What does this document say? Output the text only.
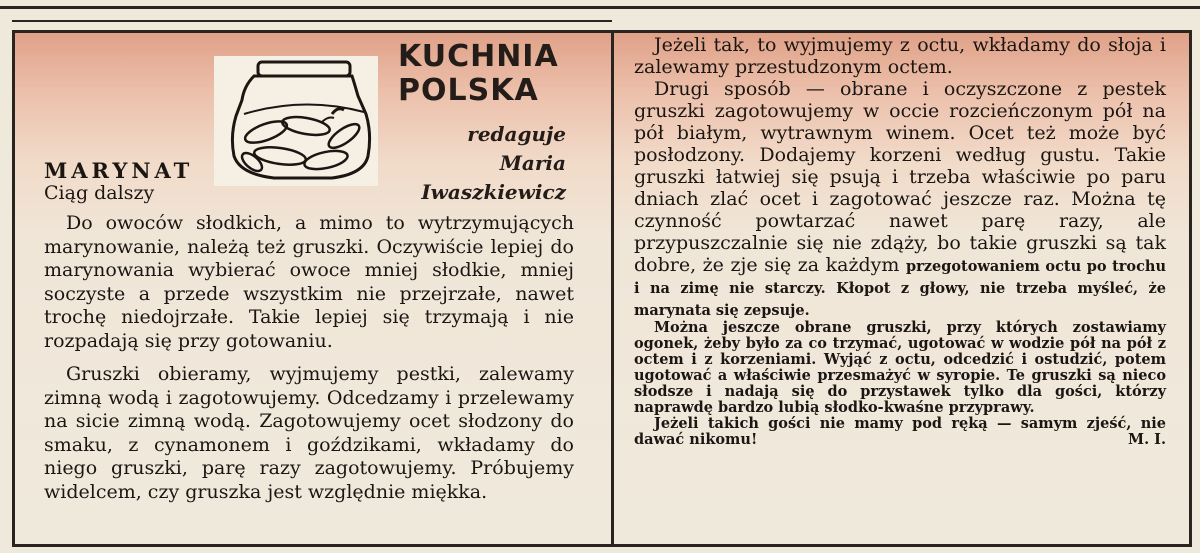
KUCHNIA
POLSKA
redaguje
Maria
Iwaszkiewicz
MARYNAT
Ciąg dalszy

Do owoców słodkich, a mimo to wytrzymujących marynowanie, należą też gruszki. Oczywiście lepiej do marynowania wybierać owoce mniej słodkie, mniej soczyste a przede wszystkim nie przejrzałe, nawet trochę niedojrzałe. Takie lepiej się trzymają i nie rozpadają się przy gotowaniu.

Gruszki obieramy, wyjmujemy pestki, zalewamy zimną wodą i zagotowujemy. Odcedzamy i przelewamy na sicie zimną wodą. Zagotowujemy ocet słodzony do smaku, z cynamonem i goździkami, wkładamy do niego gruszki, parę razy zagotowujemy. Próbujemy widelcem, czy gruszka jest względnie miękka.

Jeżeli tak, to wyjmujemy z octu, wkładamy do słoja i zalewamy przestudzonym octem.

Drugi sposób — obrane i oczyszczone z pestek gruszki zagotowujemy w occie rozcieńczonym pół na pół białym, wytrawnym winem. Ocet też może być posłodzony. Dodajemy korzeni według gustu. Takie gruszki łatwiej się psują i trzeba właściwie po paru dniach zlać ocet i zagotować jeszcze raz. Można tę czynność powtarzać nawet parę razy, ale przypuszczalnie się nie zdąży, bo takie gruszki są tak dobre, że zje się za każdym przegotowaniem octu po trochu i na zimę nie starczy. Kłopot z głowy, nie trzeba myśleć, że marynata się zepsuje.

Można jeszcze obrane gruszki, przy których zostawiamy ogonek, żeby było za co trzymać, ugotować w wodzie pół na pół z octem i z korzeniami. Wyjąć z octu, odcedzić i ostudzić, potem ugotować a właściwie przesmażyć w syropie. Te gruszki są nieco słodsze i nadają się do przystawek tylko dla gości, którzy naprawdę bardzo lubią słodko-kwaśne przyprawy.

Jeżeli takich gości nie mamy pod ręką — samym zjeść, nie dawać nikomu!	M. I.
